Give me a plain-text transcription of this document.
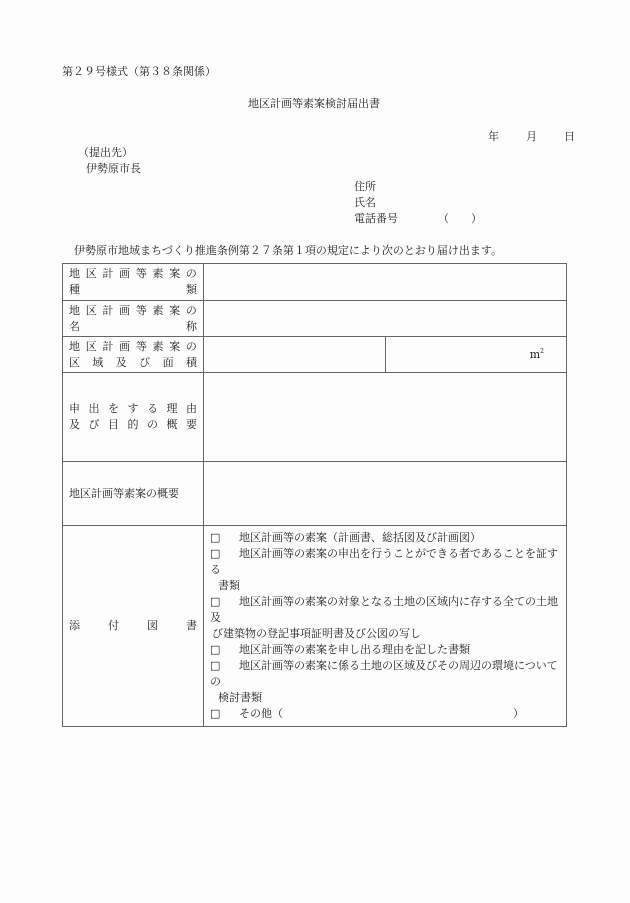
第２９号様式（第３８条関係）
地区計画等素案検討届出書
年 月 日
（提出先）
伊勢原市長
住所
氏名
電話番号	（　　）
伊勢原市地域まちづくり推進条例第２７条第１項の規定により次のとおり届け出ます。
地 区 計 画 等 素 案 の
種	類

地 区 計 画 等 素 案 の
名	称

地 区 計 画 等 素 案 の
区 域 及 び 面 積
		$m^2$

申 出 を す る 理 由
及 び 目 的 の 概 要

地区計画等素案の概要		

添	付	図	書

□　地区計画等の素案（計画書、総括図及び計画図）
□　地区計画等の素案の申出を行うことができる者であることを証する
書類
□　地区計画等の素案の対象となる土地の区域内に存する全ての土地及
び建築物の登記事項証明書及び公図の写し
□　地区計画等の素案を申し出る理由を記した書類
□　地区計画等の素案に係る土地の区域及びその周辺の環境についての
検討書類
□　その他（	）
